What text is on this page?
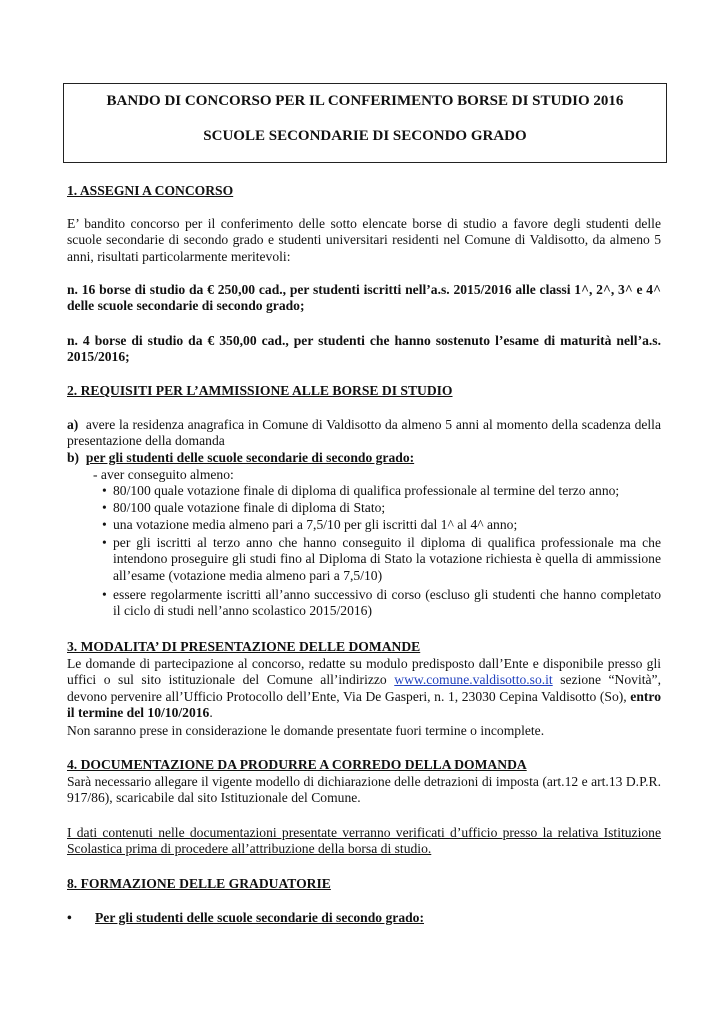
BANDO DI CONCORSO PER IL CONFERIMENTO BORSE DI STUDIO 2016
SCUOLE SECONDARIE DI SECONDO GRADO
1. ASSEGNI A CONCORSO
E’ bandito concorso per il conferimento delle sotto elencate borse di studio a favore degli studenti delle scuole secondarie di secondo grado e studenti universitari residenti nel Comune di Valdisotto, da almeno 5 anni, risultati particolarmente meritevoli:
n. 16 borse di studio da € 250,00 cad., per studenti iscritti nell’a.s. 2015/2016 alle classi 1^, 2^, 3^ e 4^ delle scuole secondarie di secondo grado;
n. 4 borse di studio da € 350,00 cad., per studenti che hanno sostenuto l’esame di maturità nell’a.s. 2015/2016;
2. REQUISITI PER L’AMMISSIONE ALLE BORSE DI STUDIO
a) avere la residenza anagrafica in Comune di Valdisotto da almeno 5 anni al momento della scadenza della presentazione della domanda
b) per gli studenti delle scuole secondarie di secondo grado:
- aver conseguito almeno:
• 80/100 quale votazione finale di diploma di qualifica professionale al termine del terzo anno;
• 80/100 quale votazione finale di diploma di Stato;
• una votazione media almeno pari a 7,5/10 per gli iscritti dal 1^ al 4^ anno;
• per gli iscritti al terzo anno che hanno conseguito il diploma di qualifica professionale ma che intendono proseguire gli studi fino al Diploma di Stato la votazione richiesta è quella di ammissione all’esame (votazione media almeno pari a 7,5/10)
• essere regolarmente iscritti all’anno successivo di corso (escluso gli studenti che hanno completato il ciclo di studi nell’anno scolastico 2015/2016)
3. MODALITA’ DI PRESENTAZIONE DELLE DOMANDE
Le domande di partecipazione al concorso, redatte su modulo predisposto dall’Ente e disponibile presso gli uffici o sul sito istituzionale del Comune all’indirizzo www.comune.valdisotto.so.it sezione “Novità”, devono pervenire all’Ufficio Protocollo dell’Ente, Via De Gasperi, n. 1, 23030 Cepina Valdisotto (So), entro il termine del 10/10/2016.
Non saranno prese in considerazione le domande presentate fuori termine o incomplete.
4. DOCUMENTAZIONE DA PRODURRE A CORREDO DELLA DOMANDA
Sarà necessario allegare il vigente modello di dichiarazione delle detrazioni di imposta (art.12 e art.13 D.P.R. 917/86), scaricabile dal sito Istituzionale del Comune.
I dati contenuti nelle documentazioni presentate verranno verificati d’ufficio presso la relativa Istituzione Scolastica prima di procedere all’attribuzione della borsa di studio.
8. FORMAZIONE DELLE GRADUATORIE
• Per gli studenti delle scuole secondarie di secondo grado:
